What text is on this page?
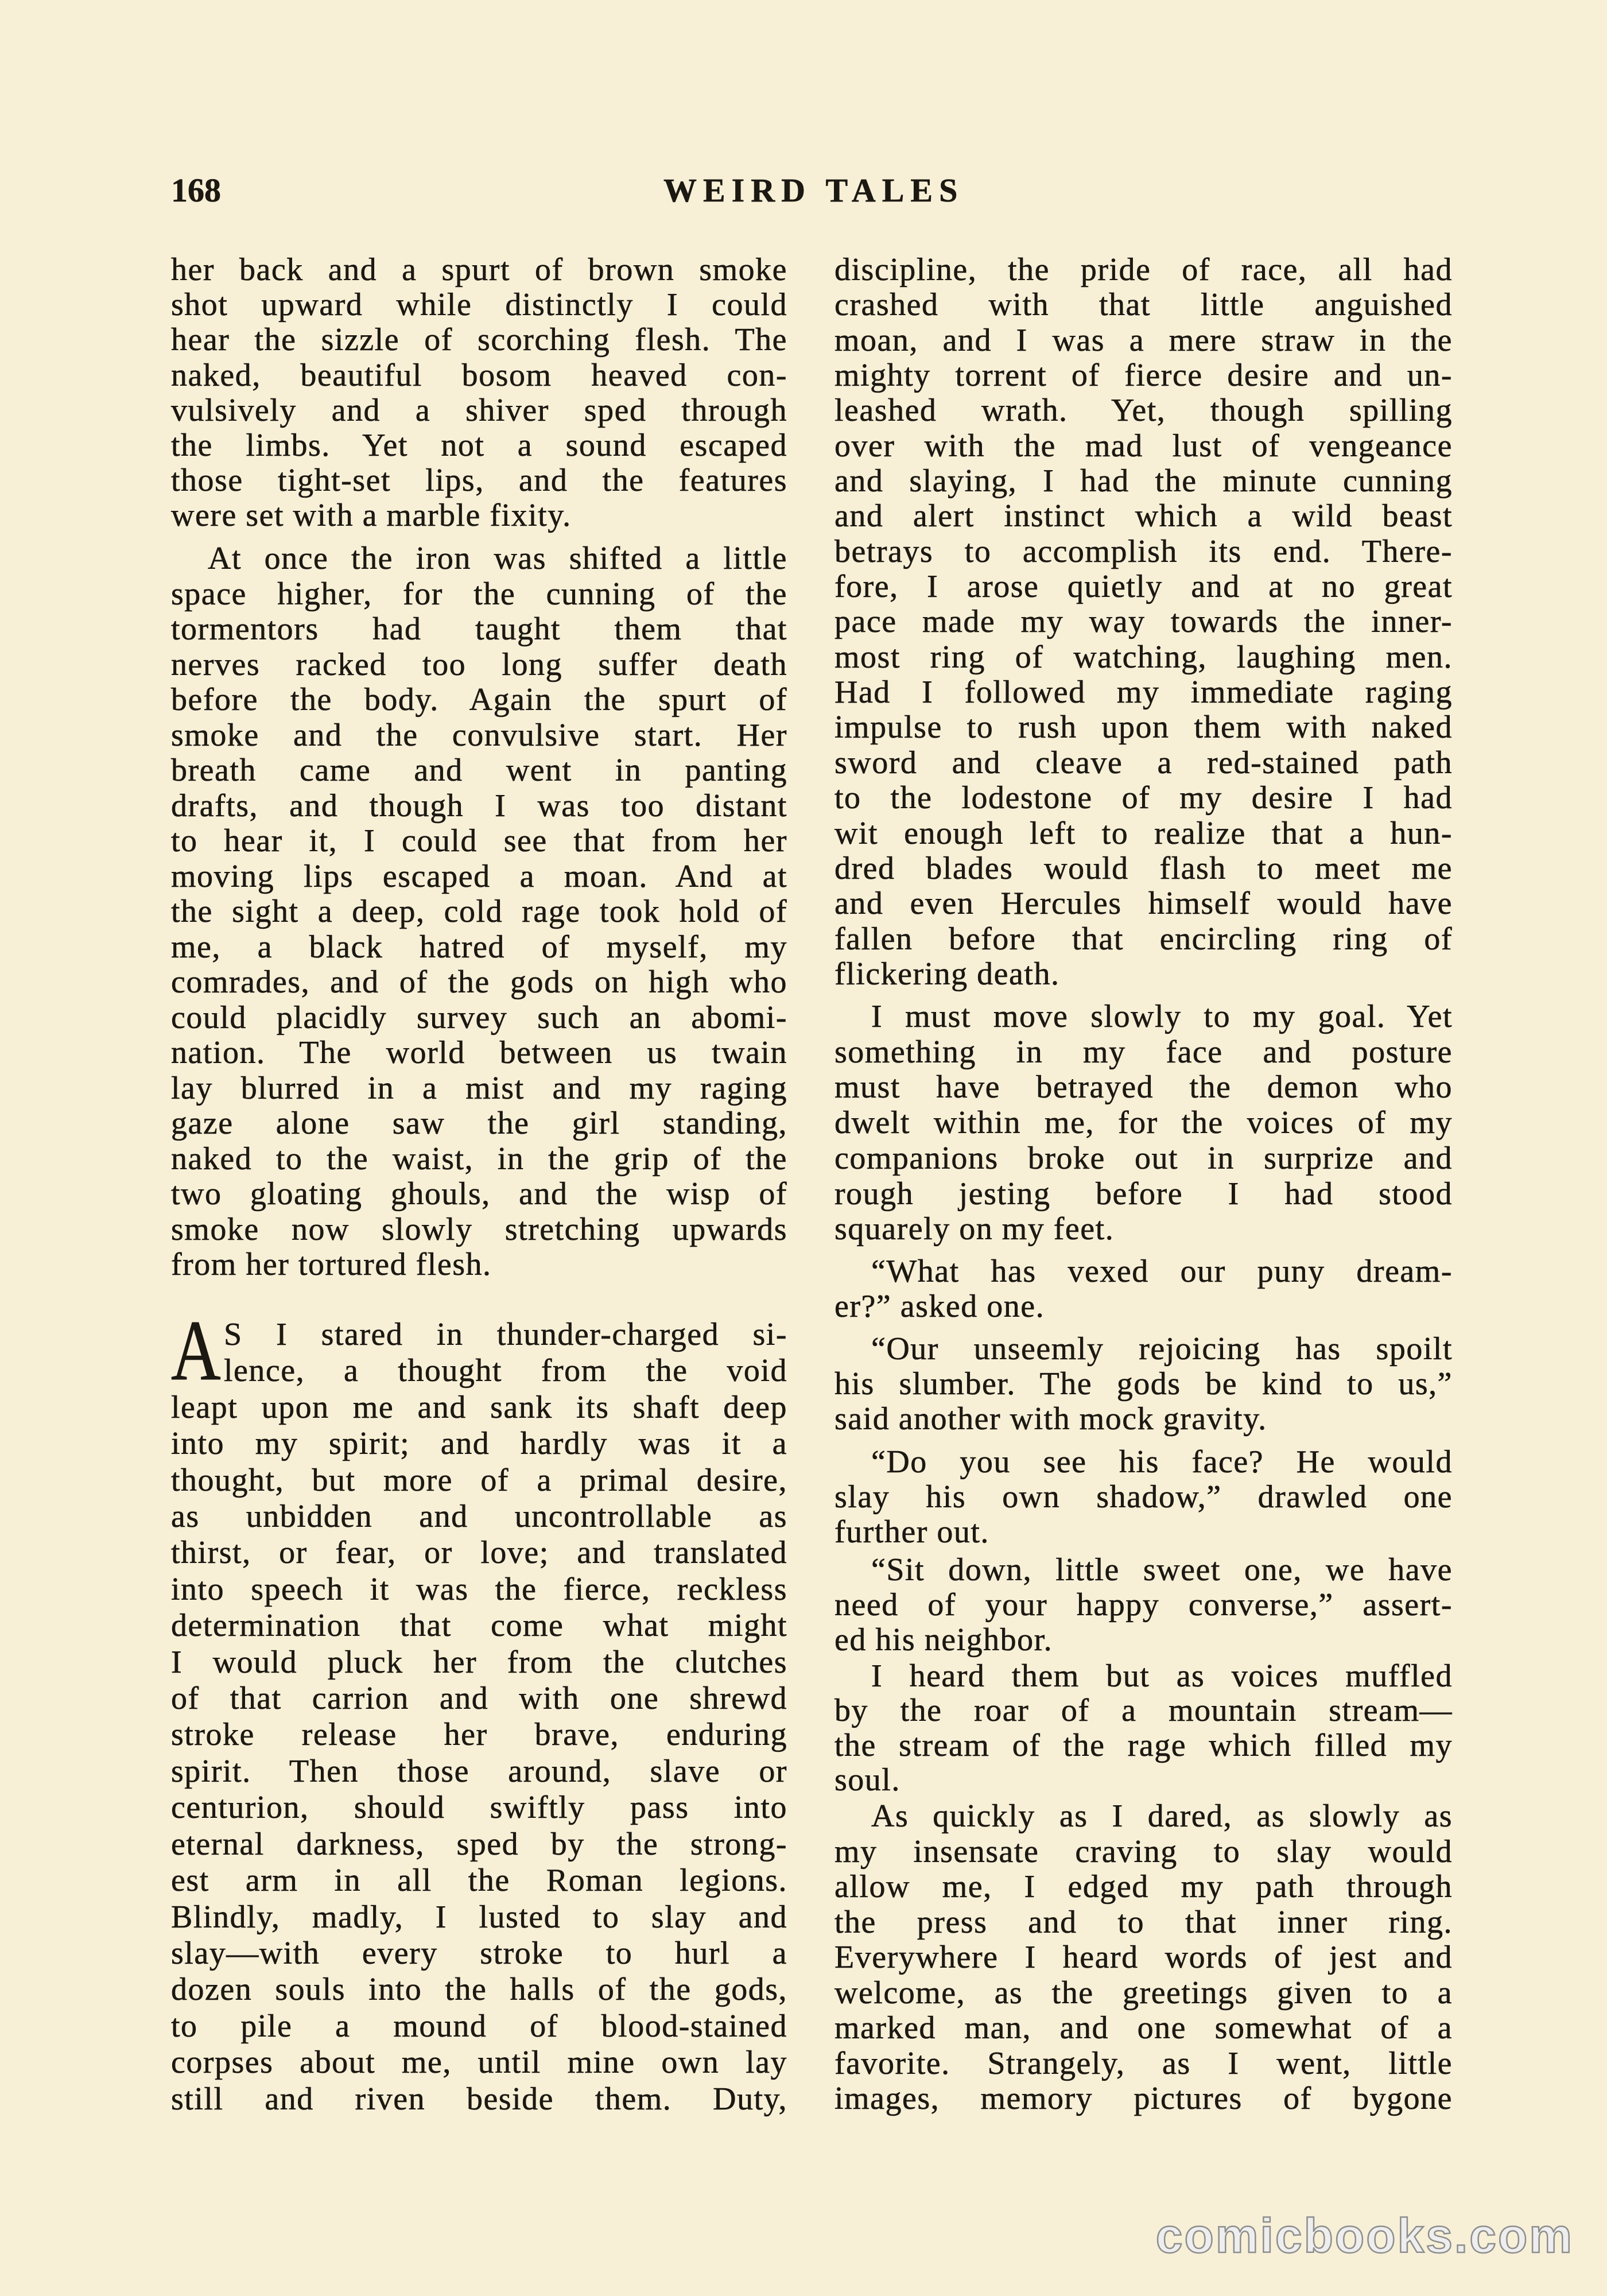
168	WEIRD TALES
her back and a spurt of brown smoke
shot upward while distinctly I could
hear the sizzle of scorching flesh. The
naked, beautiful bosom heaved con-
vulsively and a shiver sped through
the limbs. Yet not a sound escaped
those tight-set lips, and the features
were set with a marble fixity.
At once the iron was shifted a little
space higher, for the cunning of the
tormentors had taught them that
nerves racked too long suffer death
before the body. Again the spurt of
smoke and the convulsive start. Her
breath came and went in panting
drafts, and though I was too distant
to hear it, I could see that from her
moving lips escaped a moan. And at
the sight a deep, cold rage took hold of
me, a black hatred of myself, my
comrades, and of the gods on high who
could placidly survey such an abomi-
nation. The world between us twain
lay blurred in a mist and my raging
gaze alone saw the girl standing,
naked to the waist, in the grip of the
two gloating ghouls, and the wisp of
smoke now slowly stretching upwards
from her tortured flesh.
A S I stared in thunder-charged si-
lence, a thought from the void
leapt upon me and sank its shaft deep
into my spirit; and hardly was it a
thought, but more of a primal desire,
as unbidden and uncontrollable as
thirst, or fear, or love; and translated
into speech it was the fierce, reckless
determination that come what might
I would pluck her from the clutches
of that carrion and with one shrewd
stroke release her brave, enduring
spirit. Then those around, slave or
centurion, should swiftly pass into
eternal darkness, sped by the strong-
est arm in all the Roman legions.
Blindly, madly, I lusted to slay and
slay—with every stroke to hurl a
dozen souls into the halls of the gods,
to pile a mound of blood-stained
corpses about me, until mine own lay
still and riven beside them. Duty,
discipline, the pride of race, all had
crashed with that little anguished
moan, and I was a mere straw in the
mighty torrent of fierce desire and un-
leashed wrath. Yet, though spilling
over with the mad lust of vengeance
and slaying, I had the minute cunning
and alert instinct which a wild beast
betrays to accomplish its end. There-
fore, I arose quietly and at no great
pace made my way towards the inner-
most ring of watching, laughing men.
Had I followed my immediate raging
impulse to rush upon them with naked
sword and cleave a red-stained path
to the lodestone of my desire I had
wit enough left to realize that a hun-
dred blades would flash to meet me
and even Hercules himself would have
fallen before that encircling ring of
flickering death.
I must move slowly to my goal. Yet
something in my face and posture
must have betrayed the demon who
dwelt within me, for the voices of my
companions broke out in surprize and
rough jesting before I had stood
squarely on my feet.
“What has vexed our puny dream-
er?” asked one.
“Our unseemly rejoicing has spoilt
his slumber. The gods be kind to us,”
said another with mock gravity.
“Do you see his face? He would
slay his own shadow,” drawled one
further out.
“Sit down, little sweet one, we have
need of your happy converse,” assert-
ed his neighbor.
I heard them but as voices muffled
by the roar of a mountain stream—
the stream of the rage which filled my
soul.
As quickly as I dared, as slowly as
my insensate craving to slay would
allow me, I edged my path through
the press and to that inner ring.
Everywhere I heard words of jest and
welcome, as the greetings given to a
marked man, and one somewhat of a
favorite. Strangely, as I went, little
images, memory pictures of bygone
comicbooks.com
